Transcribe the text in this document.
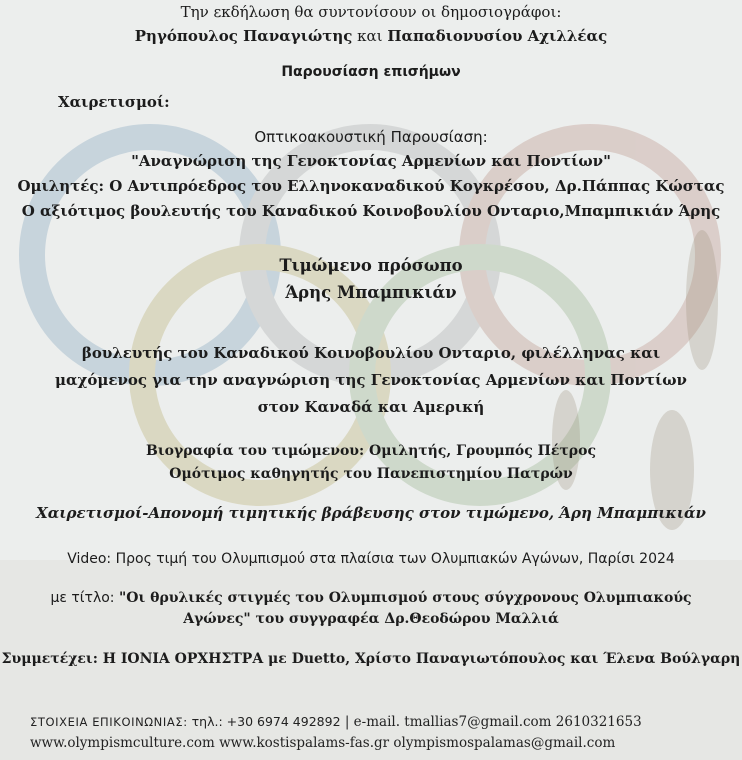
Την εκδήλωση θα συντονίσουν οι δημοσιογράφοι:
Ρηγόπουλος Παναγιώτης και Παπαδιονυσίου Αχιλλέας
Παρουσίαση επισήμων
Χαιρετισμοί:
Οπτικοακουστική Παρουσίαση:
"Αναγνώριση της Γενοκτονίας Αρμενίων και Ποντίων"
Ομιλητές: Ο Αντιπρόεδρος του Ελληνοκαναδικού Κογκρέσου, Δρ.Πάππας Κώστας
Ο αξιότιμος βουλευτής του Καναδικού Κοινοβουλίου Ονταριο,Μπαμπικιάν Άρης
Τιμώμενο πρόσωπο
Άρης Μπαμπικιάν
βουλευτής του Καναδικού Κοινοβουλίου Ονταριο, φιλέλληνας και
μαχόμενος για την αναγνώριση της Γενοκτονίας Αρμενίων και Ποντίων
στον Καναδά και Αμερική
Βιογραφία του τιμώμενου: Ομιλητής, Γρουμπός Πέτρος
Ομότιμος καθηγητής του Πανεπιστημίου Πατρών
Χαιρετισμοί-Απονομή τιμητικής βράβευσης στον τιμώμενο, Άρη Μπαμπικιάν
Video: Προς τιμή του Ολυμπισμού στα πλαίσια των Ολυμπιακών Αγώνων, Παρίσι 2024
με τίτλο: "Οι θρυλικές στιγμές του Ολυμπισμού στους σύγχρονους Ολυμπιακούς
Αγώνες" του συγγραφέα Δρ.Θεοδώρου Μαλλιά
Συμμετέχει: Η ΙΟΝΙΑ ΟΡΧΗΣΤΡΑ με Duetto, Χρίστο Παναγιωτόπουλος και Έλενα Βούλγαρη
ΣΤΟΙΧΕΙΑ ΕΠΙΚΟΙΝΩΝΙΑΣ: τηλ.: +30 6974 492892 | e-mail. tmallias7@gmail.com 2610321653
www.olympismculture.com www.kostispalams-fas.gr olympismospalamas@gmail.com
